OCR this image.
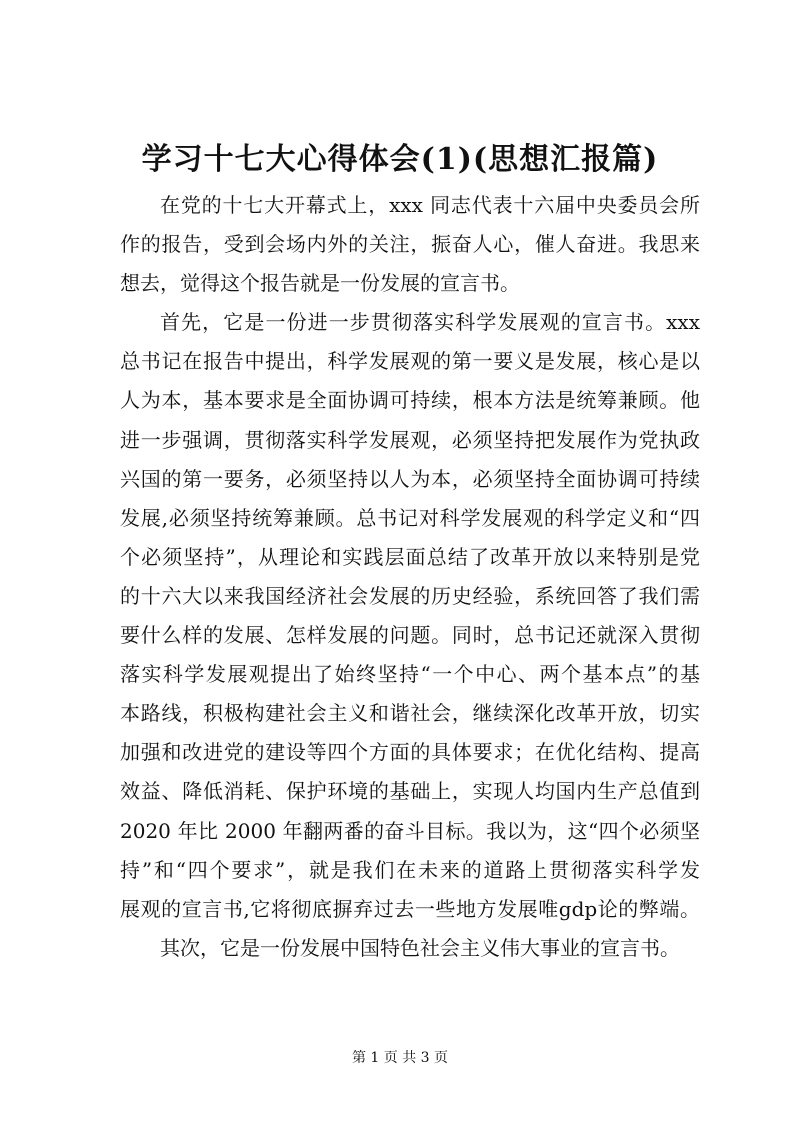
学习十七大心得体会(1)(思想汇报篇)
在党的十七大开幕式上，xxx 同志代表十六届中央委员会所
作的报告，受到会场内外的关注，振奋人心，催人奋进。我思来
想去，觉得这个报告就是一份发展的宣言书。
首先，它是一份进一步贯彻落实科学发展观的宣言书。xxx
总书记在报告中提出，科学发展观的第一要义是发展，核心是以
人为本，基本要求是全面协调可持续，根本方法是统筹兼顾。他
进一步强调，贯彻落实科学发展观，必须坚持把发展作为党执政
兴国的第一要务，必须坚持以人为本，必须坚持全面协调可持续
发展,必须坚持统筹兼顾。总书记对科学发展观的科学定义和“四
个必须坚持”，从理论和实践层面总结了改革开放以来特别是党
的十六大以来我国经济社会发展的历史经验，系统回答了我们需
要什么样的发展、怎样发展的问题。同时，总书记还就深入贯彻
落实科学发展观提出了始终坚持“一个中心、两个基本点”的基
本路线，积极构建社会主义和谐社会，继续深化改革开放，切实
加强和改进党的建设等四个方面的具体要求；在优化结构、提高
效益、降低消耗、保护环境的基础上，实现人均国内生产总值到
2020 年比 2000 年翻两番的奋斗目标。我以为，这“四个必须坚
持”和“四个要求”，就是我们在未来的道路上贯彻落实科学发
展观的宣言书,它将彻底摒弃过去一些地方发展唯gdp论的弊端。
其次，它是一份发展中国特色社会主义伟大事业的宣言书。
第 1 页 共 3 页
